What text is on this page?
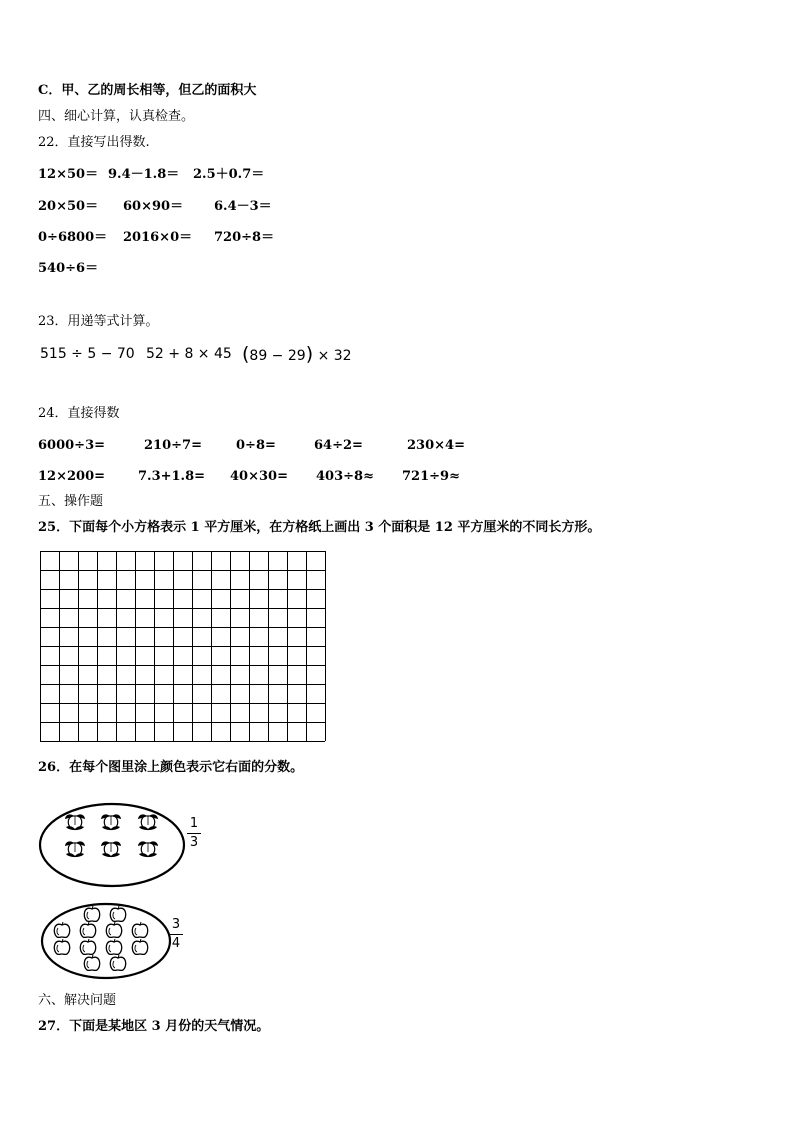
C．甲、乙的周长相等，但乙的面积大
四、细心计算，认真检查。
22．直接写出得数.
12×50＝ 9.4－1.8＝ 2.5＋0.7＝
20×50＝ 60×90＝ 6.4－3＝
0÷6800＝ 2016×0＝ 720÷8＝
540÷6＝
23．用递等式计算。
515 ÷ 5 − 70 52 + 8 × 45 (89 − 29) × 32
24．直接得数
6000÷3=	210÷7=	0÷8=	64÷2=	230×4=
12×200=	7.3+1.8= 40×30= 403÷8≈ 721÷9≈
五、操作题
25．下面每个小方格表示 1 平方厘米，在方格纸上画出 3 个面积是 12 平方厘米的不同长方形。
26．在每个图里涂上颜色表示它右面的分数。
1
3
3
4
六、解决问题
27．下面是某地区 3 月份的天气情况。
